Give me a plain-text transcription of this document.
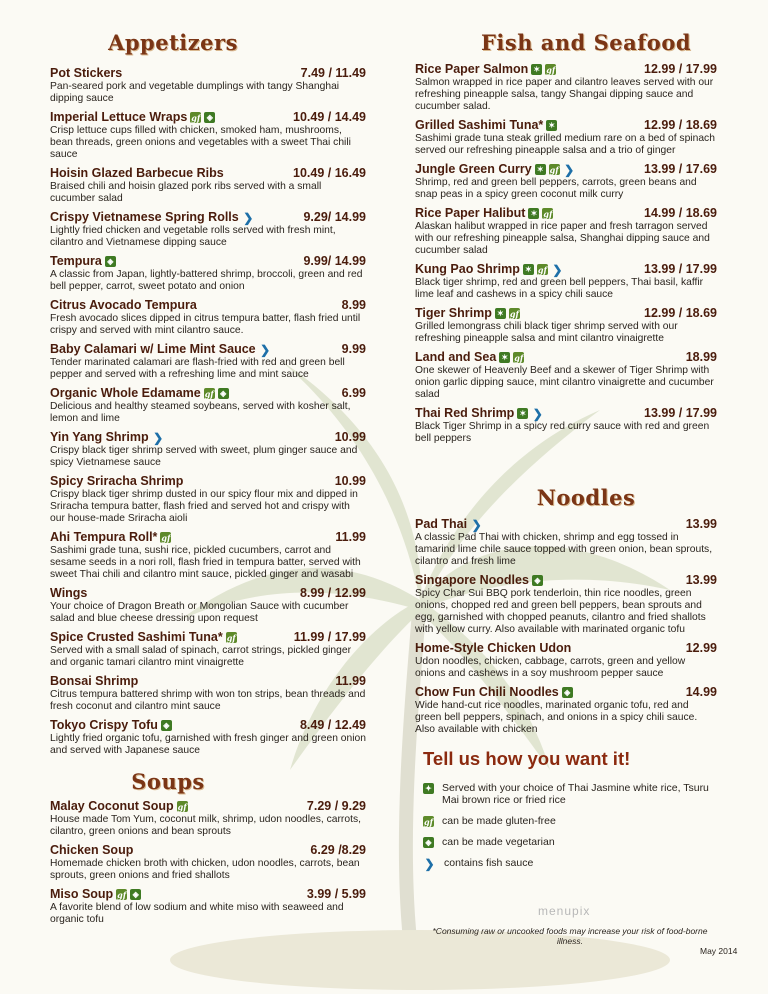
Appetizers
Pot Stickers	7.49 / 11.49
Pan-seared pork and vegetable dumplings with tangy Shanghai dipping sauce
Imperial Lettuce Wraps gf ◈	10.49 / 14.49
Crisp lettuce cups filled with chicken, smoked ham, mushrooms, bean threads, green onions and vegetables with a sweet Thai chili sauce
Hoisin Glazed Barbecue Ribs	10.49 / 16.49
Braised chili and hoisin glazed pork ribs served with a small cucumber salad
Crispy Vietnamese Spring Rolls ❯	9.29/ 14.99
Lightly fried chicken and vegetable rolls served with fresh mint, cilantro and Vietnamese dipping sauce
Tempura ◈	9.99/ 14.99
A classic from Japan, lightly-battered shrimp, broccoli, green and red bell pepper, carrot, sweet potato and onion
Citrus Avocado Tempura	8.99
Fresh avocado slices dipped in citrus tempura batter, flash fried until crispy and served with mint cilantro sauce.
Baby Calamari w/ Lime Mint Sauce ❯	9.99
Tender marinated calamari are flash-fried with red and green bell pepper and served with a refreshing lime and mint sauce
Organic Whole Edamame gf ◈	6.99
Delicious and healthy steamed soybeans, served with kosher salt, lemon and lime
Yin Yang Shrimp ❯	10.99
Crispy black tiger shrimp served with sweet, plum ginger sauce and spicy Vietnamese sauce
Spicy Sriracha Shrimp	10.99
Crispy black tiger shrimp dusted in our spicy flour mix and dipped in Sriracha tempura batter, flash fried and served hot and crispy with our house-made Sriracha aioli
Ahi Tempura Roll* gf	11.99
Sashimi grade tuna, sushi rice, pickled cucumbers, carrot and sesame seeds in a nori roll, flash fried in tempura batter, served with sweet Thai chili and cilantro mint sauce, pickled ginger and wasabi
Wings	8.99 / 12.99
Your choice of Dragon Breath or Mongolian Sauce with cucumber salad and blue cheese dressing upon request
Spice Crusted Sashimi Tuna* gf	11.99 / 17.99
Served with a small salad of spinach, carrot strings, pickled ginger and organic tamari cilantro mint vinaigrette
Bonsai Shrimp	11.99
Citrus tempura battered shrimp with won ton strips, bean threads and fresh coconut and cilantro mint sauce
Tokyo Crispy Tofu ◈	8.49 / 12.49
Lightly fried organic tofu, garnished with fresh ginger and green onion and served with Japanese sauce
Soups
Malay Coconut Soup gf	7.29 / 9.29
House made Tom Yum, coconut milk, shrimp, udon noodles, carrots, cilantro, green onions and bean sprouts
Chicken Soup	6.29 /8.29
Homemade chicken broth with chicken, udon noodles, carrots, bean sprouts, green onions and fried shallots
Miso Soup gf ◈	3.99 / 5.99
A favorite blend of low sodium and white miso with seaweed and organic tofu
Fish and Seafood
Rice Paper Salmon ✶ gf	12.99 / 17.99
Salmon wrapped in rice paper and cilantro leaves served with our refreshing pineapple salsa, tangy Shangai dipping sauce and cucumber salad.
Grilled Sashimi Tuna* ✶	12.99 / 18.69
Sashimi grade tuna steak grilled medium rare on a bed of spinach served our refreshing pineapple salsa and a trio of ginger
Jungle Green Curry ✶ gf ❯	13.99 / 17.69
Shrimp, red and green bell peppers, carrots, green beans and snap peas in a spicy green coconut milk curry
Rice Paper Halibut ✶ gf	14.99 / 18.69
Alaskan halibut wrapped in rice paper and fresh tarragon served with our refreshing pineapple salsa, Shanghai dipping sauce and cucumber salad
Kung Pao Shrimp ✶ gf ❯	13.99 / 17.99
Black tiger shrimp, red and green bell peppers, Thai basil, kaffir lime leaf and cashews in a spicy chili sauce
Tiger Shrimp ✶ gf	12.99 / 18.69
Grilled lemongrass chili black tiger shrimp served with our refreshing pineapple salsa and mint cilantro vinaigrette
Land and Sea ✶ gf	18.99
One skewer of Heavenly Beef and a skewer of Tiger Shrimp with onion garlic dipping sauce, mint cilantro vinaigrette and cucumber salad
Thai Red Shrimp ✶ ❯	13.99 / 17.99
Black Tiger Shrimp in a spicy red curry sauce with red and green bell peppers
Noodles
Pad Thai ❯	13.99
A classic Pad Thai with chicken, shrimp and egg tossed in tamarind lime chile sauce topped with green onion, bean sprouts, cilantro and fresh lime
Singapore Noodles ◈	13.99
Spicy Char Sui BBQ pork tenderloin, thin rice noodles, green onions, chopped red and green bell peppers, bean sprouts and egg, garnished with chopped peanuts, cilantro and fried shallots with yellow curry. Also available with marinated organic tofu
Home-Style Chicken Udon	12.99
Udon noodles, chicken, cabbage, carrots, green and yellow onions and cashews in a soy mushroom pepper sauce
Chow Fun Chili Noodles ◈	14.99
Wide hand-cut rice noodles, marinated organic tofu, red and green bell peppers, spinach, and onions in a spicy chili sauce. Also available with chicken
Tell us how you want it!
✦ Served with your choice of Thai Jasmine white rice, Tsuru Mai brown rice or fried rice
gf can be made gluten-free
◈ can be made vegetarian
❯ contains fish sauce
menupix
*Consuming raw or uncooked foods may increase your risk of food-borne illness.
May 2014
